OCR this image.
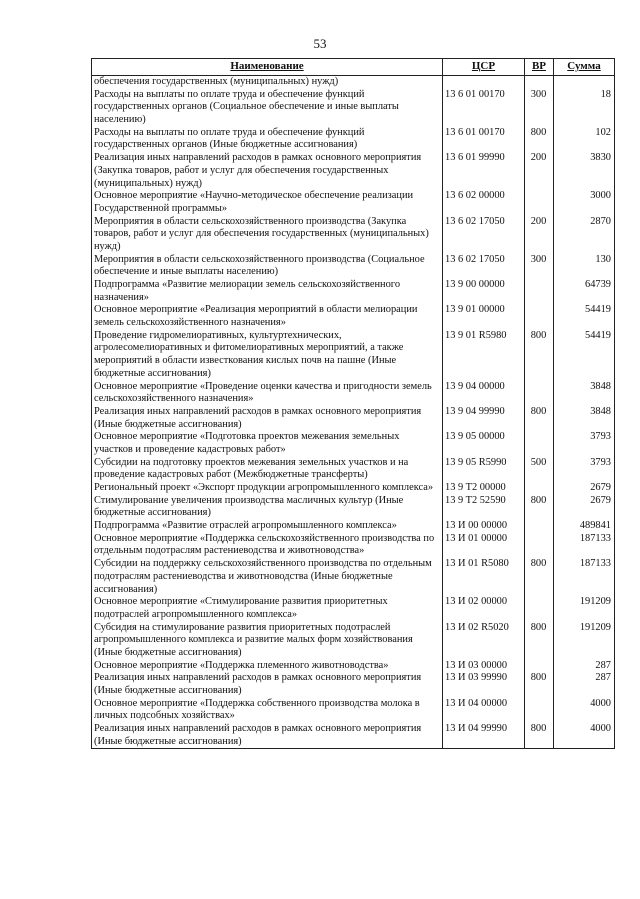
53
Наименование	ЦСР	ВР	Сумма
обеспечения государственных (муниципальных) нужд)			
Расходы на выплаты по оплате труда и обеспечение функций государственных органов (Социальное обеспечение и иные выплаты населению)	13 6 01 00170	300	18
Расходы на выплаты по оплате труда и обеспечение функций государственных органов (Иные бюджетные ассигнования)	13 6 01 00170	800	102
Реализация иных направлений расходов в рамках основного мероприятия (Закупка товаров, работ и услуг для обеспечения государственных (муниципальных) нужд)	13 6 01 99990	200	3830
Основное мероприятие «Научно-методическое обеспечение реализации Государственной программы»	13 6 02 00000		3000
Мероприятия в области сельскохозяйственного производства (Закупка товаров, работ и услуг для обеспечения государственных (муниципальных) нужд)	13 6 02 17050	200	2870
Мероприятия в области сельскохозяйственного производства (Социальное обеспечение и иные выплаты населению)	13 6 02 17050	300	130
Подпрограмма «Развитие мелиорации земель сельскохозяйственного назначения»	13 9 00 00000		64739
Основное мероприятие «Реализация мероприятий в области мелиорации земель сельскохозяйственного назначения»	13 9 01 00000		54419
Проведение гидромелиоративных, культуртехнических, агролесомелиоративных и фитомелиоративных мероприятий, а также мероприятий в области известкования кислых почв на пашне (Иные бюджетные ассигнования)	13 9 01 R5980	800	54419
Основное мероприятие «Проведение оценки качества и пригодности земель сельскохозяйственного назначения»	13 9 04 00000		3848
Реализация иных направлений расходов в рамках основного мероприятия (Иные бюджетные ассигнования)	13 9 04 99990	800	3848
Основное мероприятие «Подготовка проектов межевания земельных участков и проведение кадастровых работ»	13 9 05 00000		3793
Субсидии на подготовку проектов межевания земельных участков и на проведение кадастровых работ (Межбюджетные трансферты)	13 9 05 R5990	500	3793
Региональный проект «Экспорт продукции агропромышленного комплекса»	13 9 T2 00000		2679
Стимулирование увеличения производства масличных культур (Иные бюджетные ассигнования)	13 9 T2 52590	800	2679
Подпрограмма «Развитие отраслей агропромышленного комплекса»	13 И 00 00000		489841
Основное мероприятие «Поддержка сельскохозяйственного производства по отдельным подотраслям растениеводства и животноводства»	13 И 01 00000		187133
Субсидии на поддержку сельскохозяйственного производства по отдельным подотраслям растениеводства и животноводства (Иные бюджетные ассигнования)	13 И 01 R5080	800	187133
Основное мероприятие «Стимулирование развития приоритетных подотраслей агропромышленного комплекса»	13 И 02 00000		191209
Субсидия на стимулирование развития приоритетных подотраслей агропромышленного комплекса и развитие малых форм хозяйствования (Иные бюджетные ассигнования)	13 И 02 R5020	800	191209
Основное мероприятие «Поддержка племенного животноводства»	13 И 03 00000		287
Реализация иных направлений расходов в рамках основного мероприятия (Иные бюджетные ассигнования)	13 И 03 99990	800	287
Основное мероприятие «Поддержка собственного производства молока в личных подсобных хозяйствах»	13 И 04 00000		4000
Реализация иных направлений расходов в рамках основного мероприятия (Иные бюджетные ассигнования)	13 И 04 99990	800	4000
